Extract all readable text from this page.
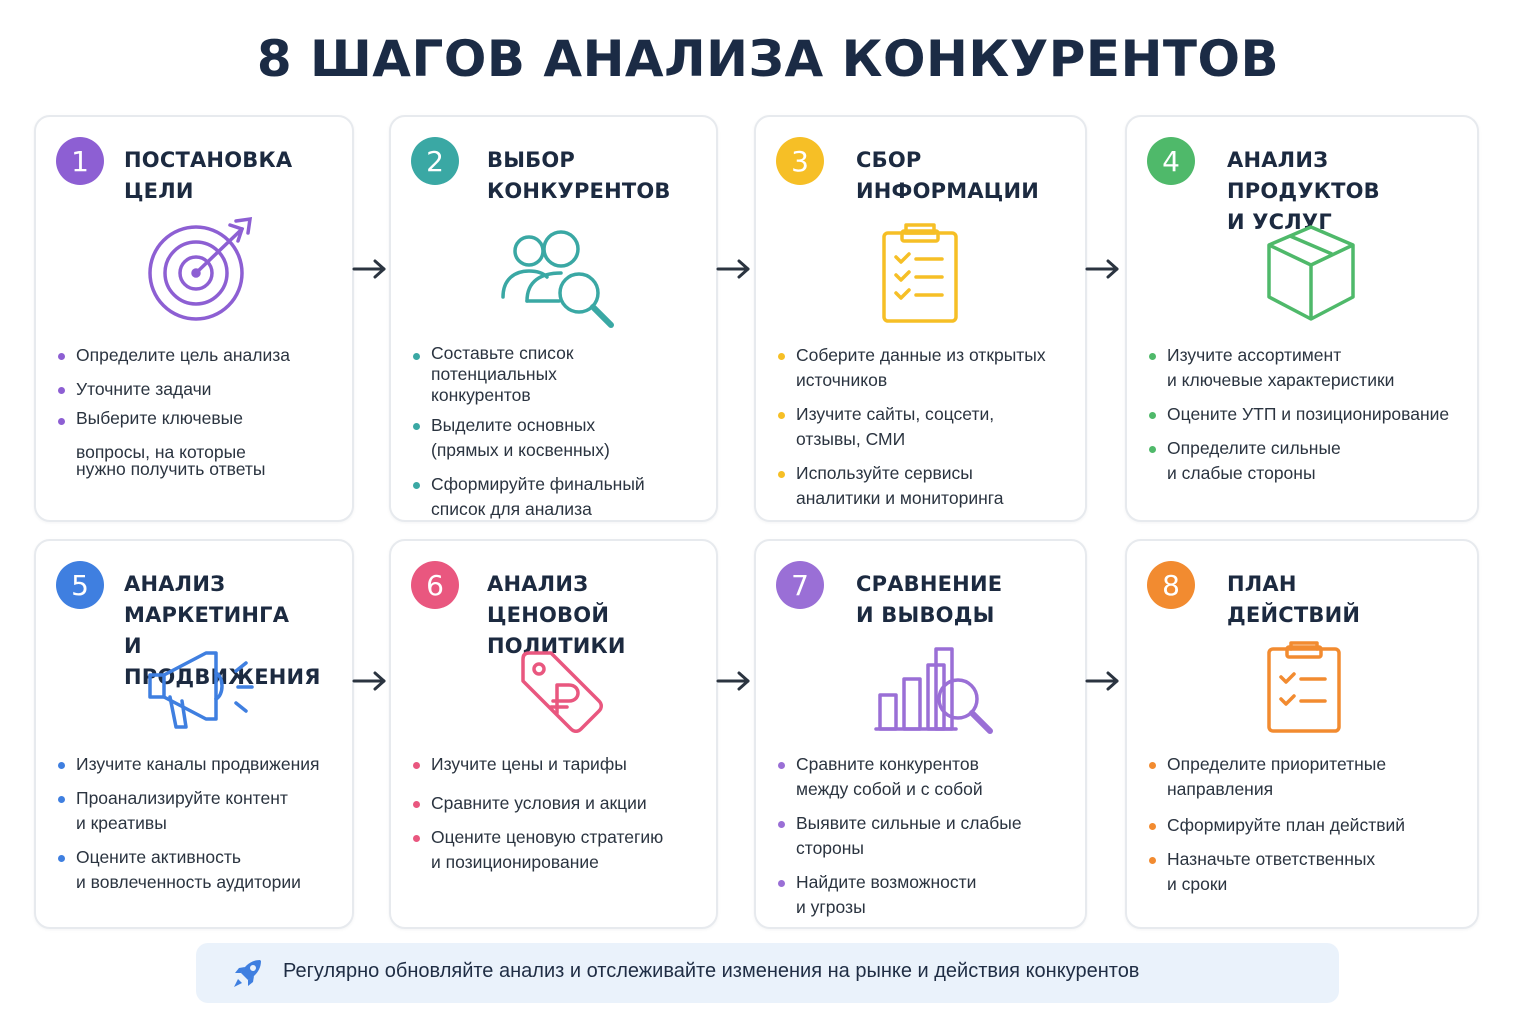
8 ШАГОВ АНАЛИЗА КОНКУРЕНТОВ
1	ПОСТАНОВКА
ЦЕЛИ
Определите цель анализа
Уточните задачи
Выберите ключевые

вопросы, на которые
нужно получить ответы
2	ВЫБОР
КОНКУРЕНТОВ
Составьте список
потенциальных
конкурентов
Выделите основных
(прямых и косвенных)
Сформируйте финальный
список для анализа
3	СБОР
ИНФОРМАЦИИ
Соберите данные из открытых
источников
Изучите сайты, соцсети,
отзывы, СМИ
Используйте сервисы
аналитики и мониторинга
4	АНАЛИЗ ПРОДУКТОВ
И УСЛУГ
Изучите ассортимент
и ключевые характеристики
Оцените УТП и позиционирование
Определите сильные
и слабые стороны
5	АНАЛИЗ МАРКЕТИНГА
И ПРОДВИЖЕНИЯ
Изучите каналы продвижения
Проанализируйте контент
и креативы
Оцените активность
и вовлеченность аудитории
6	АНАЛИЗ ЦЕНОВОЙ
ПОЛИТИКИ
Изучите цены и тарифы
Сравните условия и акции
Оцените ценовую стратегию
и позиционирование
7	СРАВНЕНИЕ
И ВЫВОДЫ
Сравните конкурентов
между собой и с собой
Выявите сильные и слабые
стороны
Найдите возможности
и угрозы
8	ПЛАН
ДЕЙСТВИЙ
Определите приоритетные
направления
Сформируйте план действий
Назначьте ответственных
и сроки
Регулярно обновляйте анализ и отслеживайте изменения на рынке и действия конкурентов
